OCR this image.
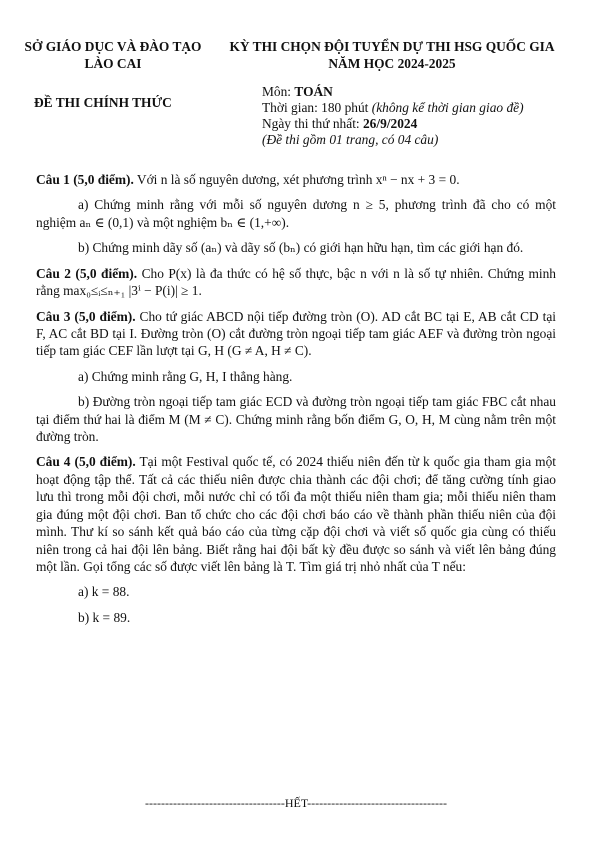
SỞ GIÁO DỤC VÀ ĐÀO TẠO
LÀO CAI
KỲ THI CHỌN ĐỘI TUYỂN DỰ THI HSG QUỐC GIA
NĂM HỌC 2024-2025
ĐỀ THI CHÍNH THỨC
Môn: TOÁN
Thời gian: 180 phút (không kể thời gian giao đề)
Ngày thi thứ nhất: 26/9/2024
(Đề thi gồm 01 trang, có 04 câu)

Câu 1 (5,0 điểm). Với n là số nguyên dương, xét phương trình xⁿ − nx + 3 = 0.

a) Chứng minh rằng với mỗi số nguyên dương n ≥ 5, phương trình đã cho có một nghiệm aₙ ∈ (0,1) và một nghiệm bₙ ∈ (1,+∞).

b) Chứng minh dãy số (aₙ) và dãy số (bₙ) có giới hạn hữu hạn, tìm các giới hạn đó.

Câu 2 (5,0 điểm). Cho P(x) là đa thức có hệ số thực, bậc n với n là số tự nhiên. Chứng minh rằng max₀≤ᵢ≤ₙ₊₁ |3ⁱ − P(i)| ≥ 1.

Câu 3 (5,0 điểm). Cho tứ giác ABCD nội tiếp đường tròn (O). AD cắt BC tại E, AB cắt CD tại F, AC cắt BD tại I. Đường tròn (O) cắt đường tròn ngoại tiếp tam giác AEF và đường tròn ngoại tiếp tam giác CEF lần lượt tại G, H (G ≠ A, H ≠ C).

a) Chứng minh rằng G, H, I thẳng hàng.

b) Đường tròn ngoại tiếp tam giác ECD và đường tròn ngoại tiếp tam giác FBC cắt nhau tại điểm thứ hai là điểm M (M ≠ C). Chứng minh rằng bốn điểm G, O, H, M cùng nằm trên một đường tròn.

Câu 4 (5,0 điểm). Tại một Festival quốc tế, có 2024 thiếu niên đến từ k quốc gia tham gia một hoạt động tập thể. Tất cả các thiếu niên được chia thành các đội chơi; để tăng cường tính giao lưu thì trong mỗi đội chơi, mỗi nước chỉ có tối đa một thiếu niên tham gia; mỗi thiếu niên tham gia đúng một đội chơi. Ban tổ chức cho các đội chơi báo cáo về thành phần thiếu niên của đội mình. Thư kí so sánh kết quả báo cáo của từng cặp đội chơi và viết số quốc gia cùng có thiếu niên trong cả hai đội lên bảng. Biết rằng hai đội bất kỳ đều được so sánh và viết lên bảng đúng một lần. Gọi tổng các số được viết lên bảng là T. Tìm giá trị nhỏ nhất của T nếu:

a) k = 88.

b) k = 89.

-----------------------------------HẾT-----------------------------------
